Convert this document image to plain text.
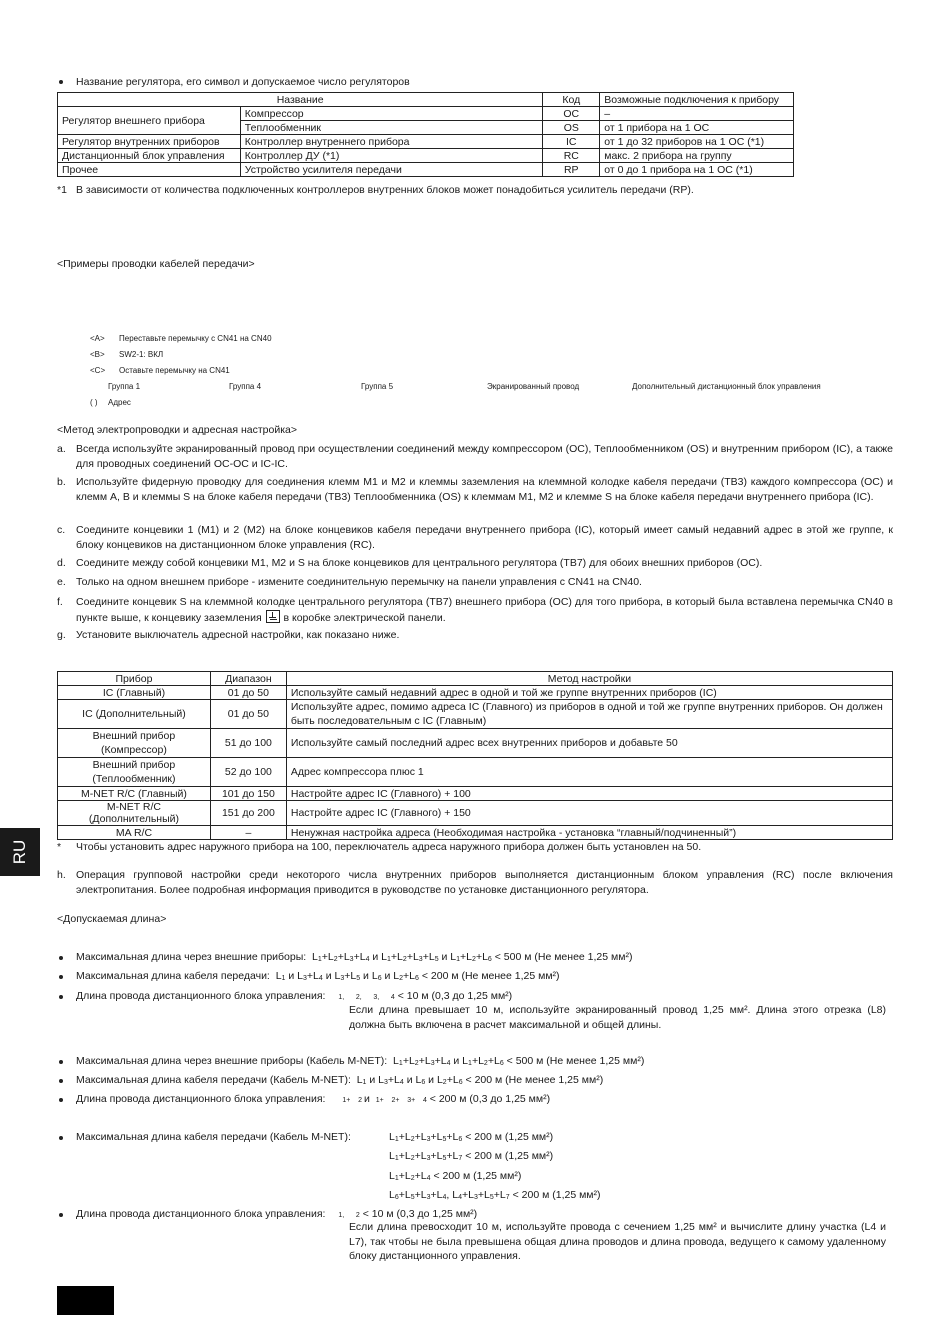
Название регулятора, его символ и допускаемое число регуляторов
Название		Код	Возможные подключения к прибору
Регулятор внешнего прибора	Компрессор	OC	–
	Теплообменник	OS	от 1 прибора на 1 OC
Регулятор внутренних приборов	Контроллер внутреннего прибора	IC	от 1 до 32 приборов на 1 OC (*1)
Дистанционный блок управления	Контроллер ДУ (*1)	RC	макс. 2 прибора на группу
Прочее	Устройство усилителя передачи	RP	от 0 до 1 прибора на 1 OC (*1)
*1 В зависимости от количества подключенных контроллеров внутренних блоков может понадобиться усилитель передачи (RP).
<Примеры проводки кабелей передачи>
<A> Переставьте перемычку с CN41 на CN40
<B> SW2-1: ВКЛ
<C> Оставьте перемычку на CN41
Группа 1	Группа 4	Группа 5	Экранированный провод	Дополнительный дистанционный блок управления
( ) Адрес
<Метод электропроводки и адресная настройка>
a. Всегда используйте экранированный провод при осуществлении соединений между компрессором (OC), Теплообменником (OS) и внутренним прибором (IC), а также для проводных соединений OC-OC и IC-IC.
b. Используйте фидерную проводку для соединения клемм M1 и M2 и клеммы заземления на клеммной колодке кабеля передачи (TB3) каждого компрессора (OC) и клемм A, B и клеммы S на блоке кабеля передачи (TB3) Теплообменника (OS) к клеммам M1, M2 и клемме S на блоке кабеля передачи внутреннего прибора (IC).
c. Соедините концевики 1 (M1) и 2 (M2) на блоке концевиков кабеля передачи внутреннего прибора (IC), который имеет самый недавний адрес в этой же группе, к блоку концевиков на дистанционном блоке управления (RC).
d. Соедините между собой концевики M1, M2 и S на блоке концевиков для центрального регулятора (TB7) для обоих внешних приборов (OC).
e. Только на одном внешнем приборе - измените соединительную перемычку на панели управления с CN41 на CN40.
f. Соедините концевик S на клеммной колодке центрального регулятора (TB7) внешнего прибора (OC) для того прибора, в который была вставлена перемычка CN40 в пункте выше, к концевику заземления в коробке электрической панели.
g. Установите выключатель адресной настройки, как показано ниже.
Прибор	Диапазон	Метод настройки
IC (Главный)	01 до 50	Используйте самый недавний адрес в одной и той же группе внутренних приборов (IC)
IC (Дополнительный)	01 до 50	Используйте адрес, помимо адреса IC (Главного) из приборов в одной и той же группе внутренних приборов. Он должен быть последовательным с IC (Главным)
Внешний прибор (Компрессор)	51 до 100	Используйте самый последний адрес всех внутренних приборов и добавьте 50
Внешний прибор (Теплообменник)	52 до 100	Адрес компрессора плюс 1
M-NET R/C (Главный)	101 до 150	Настройте адрес IC (Главного) + 100
M-NET R/C (Дополнительный)	151 до 200	Настройте адрес IC (Главного) + 150
MA R/C	–	Ненужная настройка адреса (Необходимая настройка - установка “главный/подчиненный”)
* Чтобы установить адрес наружного прибора на 100, переключатель адреса наружного прибора должен быть установлен на 50.
RU
h. Операция групповой настройки среди некоторого числа внутренних приборов выполняется дистанционным блоком управления (RC) после включения электропитания. Более подробная информация приводится в руководстве по установке дистанционного регулятора.
<Допускаемая длина>
Максимальная длина через внешние приборы:  L1+L2+L3+L4 и L1+L2+L3+L5 и L1+L2+L6 < 500 м (Не менее 1,25 мм²)
Максимальная длина кабеля передачи:  L1 и L3+L4 и L3+L5 и L6 и L2+L6 < 200 м (Не менее 1,25 мм²)
Длина провода дистанционного блока управления: 1,      2,      3,      4 < 10 м (0,3 до 1,25 мм²)
Если длина превышает 10 м, используйте экранированный провод 1,25 мм². Длина этого отрезка (L8) должна быть включена в расчет максимальной и общей длины.
Максимальная длина через внешние приборы (Кабель M-NET):  L1+L2+L3+L4 и L1+L2+L6 < 500 м (Не менее 1,25 мм²)
Максимальная длина кабеля передачи (Кабель M-NET):  L1 и L3+L4 и L6 и L2+L6 < 200 м (Не менее 1,25 мм²)
Длина провода дистанционного блока управления: 1+    2 и   1+    2+    3+    4 < 200 м (0,3 до 1,25 мм²)
Максимальная длина кабеля передачи (Кабель M-NET):	L1+L2+L3+L5+L6 < 200 м (1,25 мм²)
L1+L2+L3+L5+L7 < 200 м (1,25 мм²)
L1+L2+L4 < 200 м (1,25 мм²)
L6+L5+L3+L4, L4+L3+L5+L7 < 200 м (1,25 мм²)
Длина провода дистанционного блока управления: 1,      2 < 10 м (0,3 до 1,25 мм²)
Если длина превосходит 10 м, используйте провода с сечением 1,25 мм² и вычислите длину участка (L4 и L7), так чтобы не была превышена общая длина проводов и длина провода, ведущего к самому удаленному блоку дистанционного управления.
